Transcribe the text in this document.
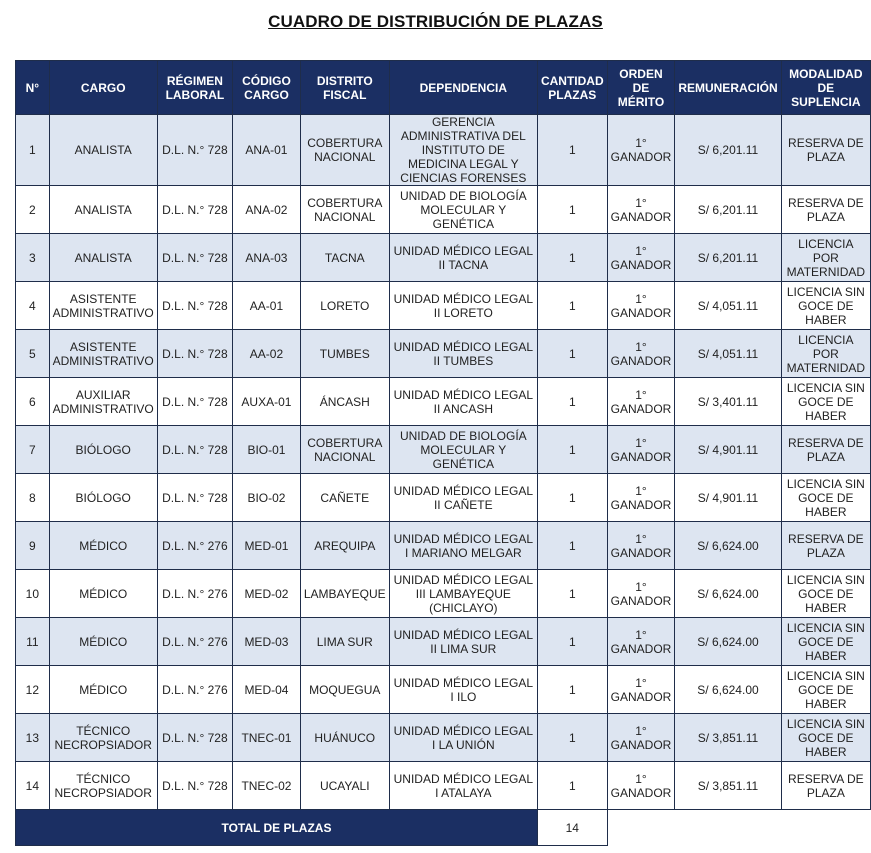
CUADRO DE DISTRIBUCIÓN DE PLAZAS
N°	CARGO	RÉGIMEN LABORAL	CÓDIGO CARGO	DISTRITO FISCAL	DEPENDENCIA	CANTIDAD PLAZAS	ORDEN DE MÉRITO	REMUNERACIÓN	MODALIDAD DE SUPLENCIA
1	ANALISTA	D.L. N.° 728	ANA-01	COBERTURA NACIONAL	GERENCIA ADMINISTRATIVA DEL INSTITUTO DE MEDICINA LEGAL Y CIENCIAS FORENSES	1	1° GANADOR	S/ 6,201.11	RESERVA DE PLAZA
2	ANALISTA	D.L. N.° 728	ANA-02	COBERTURA NACIONAL	UNIDAD DE BIOLOGÍA MOLECULAR Y GENÉTICA	1	1° GANADOR	S/ 6,201.11	RESERVA DE PLAZA
3	ANALISTA	D.L. N.° 728	ANA-03	TACNA	UNIDAD MÉDICO LEGAL II TACNA	1	1° GANADOR	S/ 6,201.11	LICENCIA POR MATERNIDAD
4	ASISTENTE ADMINISTRATIVO	D.L. N.° 728	AA-01	LORETO	UNIDAD MÉDICO LEGAL II LORETO	1	1° GANADOR	S/ 4,051.11	LICENCIA SIN GOCE DE HABER
5	ASISTENTE ADMINISTRATIVO	D.L. N.° 728	AA-02	TUMBES	UNIDAD MÉDICO LEGAL II TUMBES	1	1° GANADOR	S/ 4,051.11	LICENCIA POR MATERNIDAD
6	AUXILIAR ADMINISTRATIVO	D.L. N.° 728	AUXA-01	ÁNCASH	UNIDAD MÉDICO LEGAL II ANCASH	1	1° GANADOR	S/ 3,401.11	LICENCIA SIN GOCE DE HABER
7	BIÓLOGO	D.L. N.° 728	BIO-01	COBERTURA NACIONAL	UNIDAD DE BIOLOGÍA MOLECULAR Y GENÉTICA	1	1° GANADOR	S/ 4,901.11	RESERVA DE PLAZA
8	BIÓLOGO	D.L. N.° 728	BIO-02	CAÑETE	UNIDAD MÉDICO LEGAL II CAÑETE	1	1° GANADOR	S/ 4,901.11	LICENCIA SIN GOCE DE HABER
9	MÉDICO	D.L. N.° 276	MED-01	AREQUIPA	UNIDAD MÉDICO LEGAL I MARIANO MELGAR	1	1° GANADOR	S/ 6,624.00	RESERVA DE PLAZA
10	MÉDICO	D.L. N.° 276	MED-02	LAMBAYEQUE	UNIDAD MÉDICO LEGAL III LAMBAYEQUE (CHICLAYO)	1	1° GANADOR	S/ 6,624.00	LICENCIA SIN GOCE DE HABER
11	MÉDICO	D.L. N.° 276	MED-03	LIMA SUR	UNIDAD MÉDICO LEGAL II LIMA SUR	1	1° GANADOR	S/ 6,624.00	LICENCIA SIN GOCE DE HABER
12	MÉDICO	D.L. N.° 276	MED-04	MOQUEGUA	UNIDAD MÉDICO LEGAL I ILO	1	1° GANADOR	S/ 6,624.00	LICENCIA SIN GOCE DE HABER
13	TÉCNICO NECROPSIADOR	D.L. N.° 728	TNEC-01	HUÁNUCO	UNIDAD MÉDICO LEGAL I LA UNIÓN	1	1° GANADOR	S/ 3,851.11	LICENCIA SIN GOCE DE HABER
14	TÉCNICO NECROPSIADOR	D.L. N.° 728	TNEC-02	UCAYALI	UNIDAD MÉDICO LEGAL I ATALAYA	1	1° GANADOR	S/ 3,851.11	RESERVA DE PLAZA
TOTAL DE PLAZAS						14			
